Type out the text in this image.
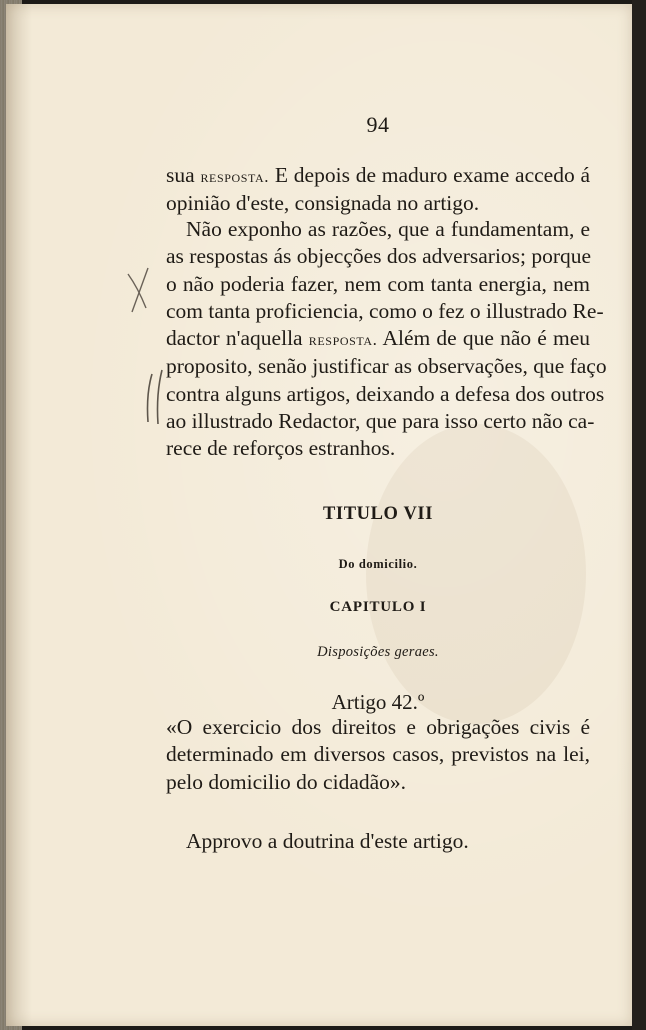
94

sua resposta. E depois de maduro exame accedo á

opinião d'este, consignada no artigo.

Não exponho as razões, que a fundamentam, e

as respostas ás objecções dos adversarios; porque

o não poderia fazer, nem com tanta energia, nem

com tanta proficiencia, como o fez o illustrado Re-

dactor n'aquella resposta. Além de que não é meu

proposito, senão justificar as observações, que faço

contra alguns artigos, deixando a defesa dos outros

ao illustrado Redactor, que para isso certo não ca-

rece de reforços estranhos.

TITULO VII
Do domicilio.
CAPITULO I
Disposições geraes.
Artigo 42.º

«O exercicio dos direitos e obrigações civis é

determinado em diversos casos, previstos na lei,

pelo domicilio do cidadão».

Approvo a doutrina d'este artigo.
